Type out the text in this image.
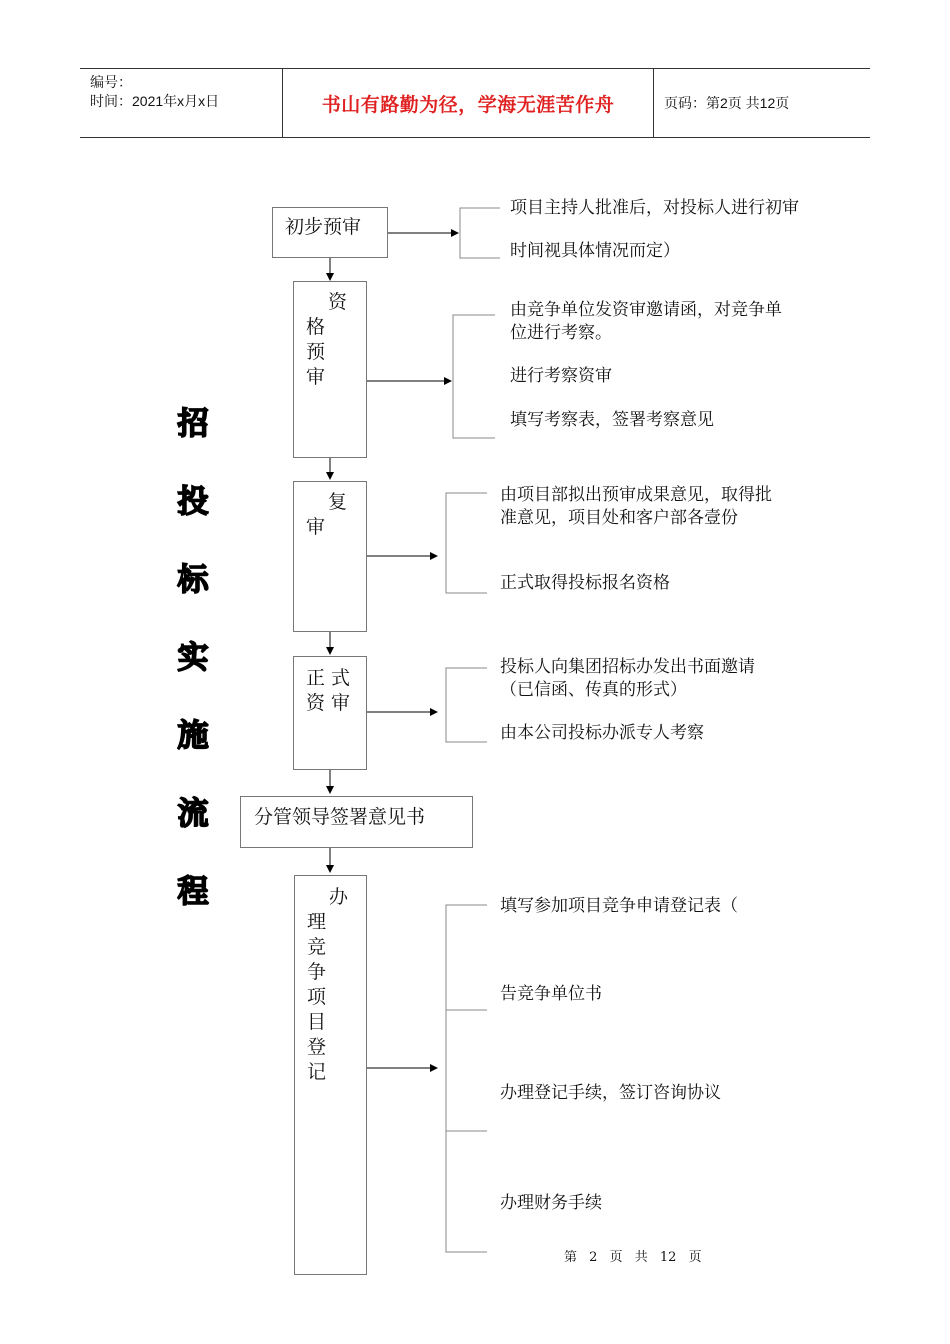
编号：
时间：2021年x月x日	书山有路勤为径，学海无涯苦作舟	页码：第2页 共12页
初步预审
资
格
预
审
复
审
正 式
资 审
分管领导签署意见书
办
理
竞
争
项
目
登
记
项目主持人批准后，对投标人进行初审
时间视具体情况而定）
由竞争单位发资审邀请函，对竞争单
位进行考察。
进行考察资审
填写考察表，签署考察意见
由项目部拟出预审成果意见，取得批
准意见，项目处和客户部各壹份
正式取得投标报名资格
投标人向集团招标办发出书面邀请
（已信函、传真的形式）
由本公司投标办派专人考察
填写参加项目竞争申请登记表（
告竞争单位书
办理登记手续，签订咨询协议
办理财务手续
招
投
标
实
施
流
程
第 2 页 共 12 页
